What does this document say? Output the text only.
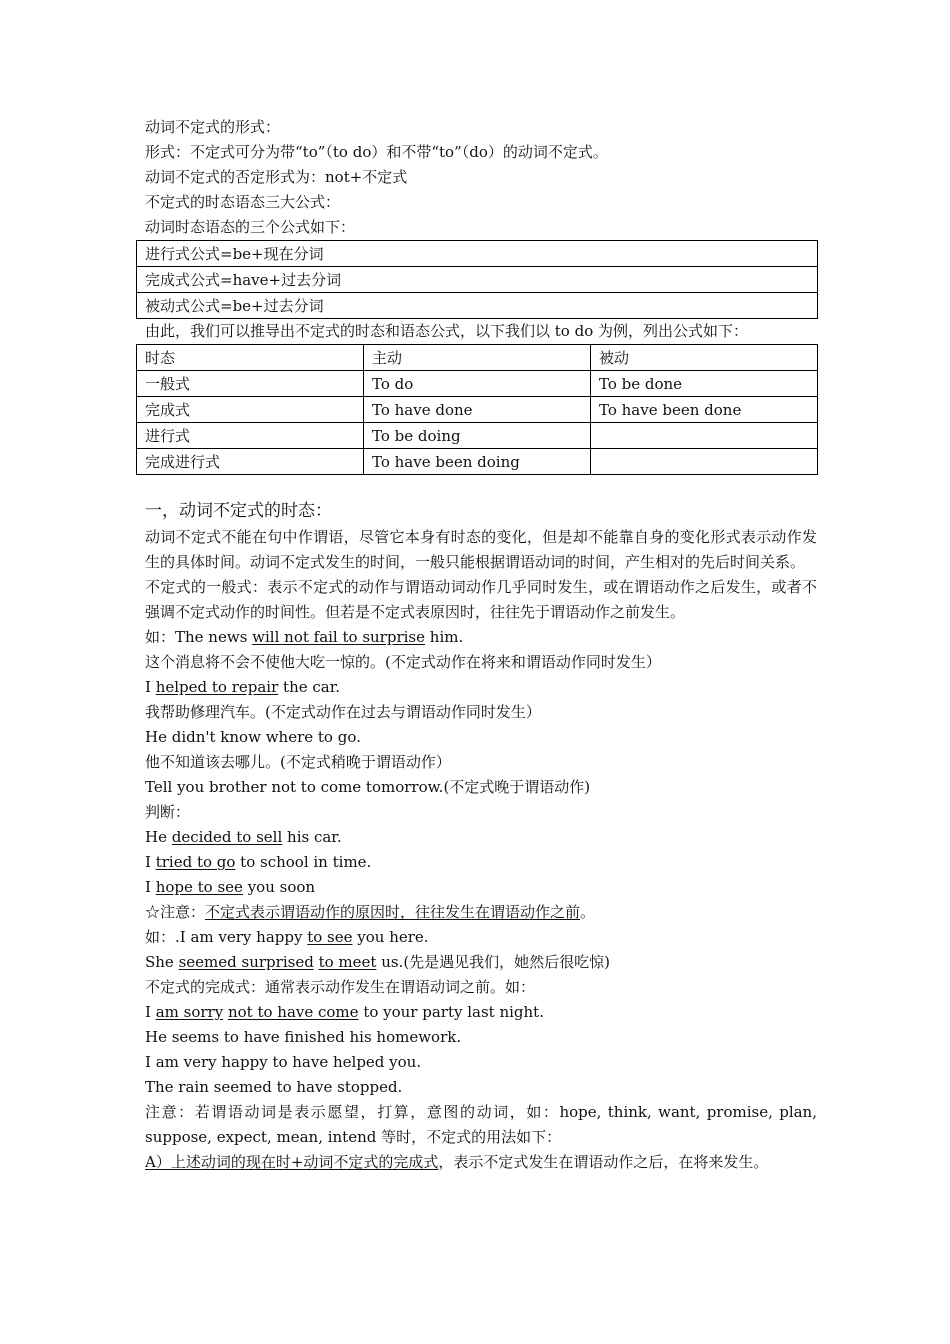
动词不定式的形式：
形式：不定式可分为带“to”（to do）和不带“to”（do）的动词不定式。
动词不定式的否定形式为：not+不定式
不定式的时态语态三大公式：
动词时态语态的三个公式如下：
进行式公式=be+现在分词
完成式公式=have+过去分词
被动式公式=be+过去分词
由此，我们可以推导出不定式的时态和语态公式，以下我们以 to do 为例，列出公式如下：
时态	主动	被动
一般式	To do	To be done
完成式	To have done	To have been done
进行式	To be doing	
完成进行式	To have been doing	
一，动词不定式的时态：
动词不定式不能在句中作谓语，尽管它本身有时态的变化，但是却不能靠自身的变化形式表示动作发生的具体时间。动词不定式发生的时间，一般只能根据谓语动词的时间，产生相对的先后时间关系。
不定式的一般式：表示不定式的动作与谓语动词动作几乎同时发生，或在谓语动作之后发生，或者不强调不定式动作的时间性。但若是不定式表原因时，往往先于谓语动作之前发生。
如：The news will not fail to surprise him.
这个消息将不会不使他大吃一惊的。(不定式动作在将来和谓语动作同时发生）
I helped to repair the car.
我帮助修理汽车。(不定式动作在过去与谓语动作同时发生）
He didn't know where to go.
他不知道该去哪儿。(不定式稍晚于谓语动作）
Tell you brother not to come tomorrow.(不定式晚于谓语动作)
判断：
He decided to sell his car.
I tried to go to school in time.
I hope to see you soon
☆注意：不定式表示谓语动作的原因时，往往发生在谓语动作之前。
如：.I am very happy to see you here.
She seemed surprised to meet us.(先是遇见我们，她然后很吃惊)
不定式的完成式：通常表示动作发生在谓语动词之前。如：
I am sorry not to have come to your party last night.
He seems to have finished his homework.
I am very happy to have helped you.
The rain seemed to have stopped.
注意：若谓语动词是表示愿望，打算，意图的动词，如：hope, think, want, promise, plan, suppose, expect, mean, intend 等时，不定式的用法如下：
A）上述动词的现在时+动词不定式的完成式，表示不定式发生在谓语动作之后，在将来发生。
